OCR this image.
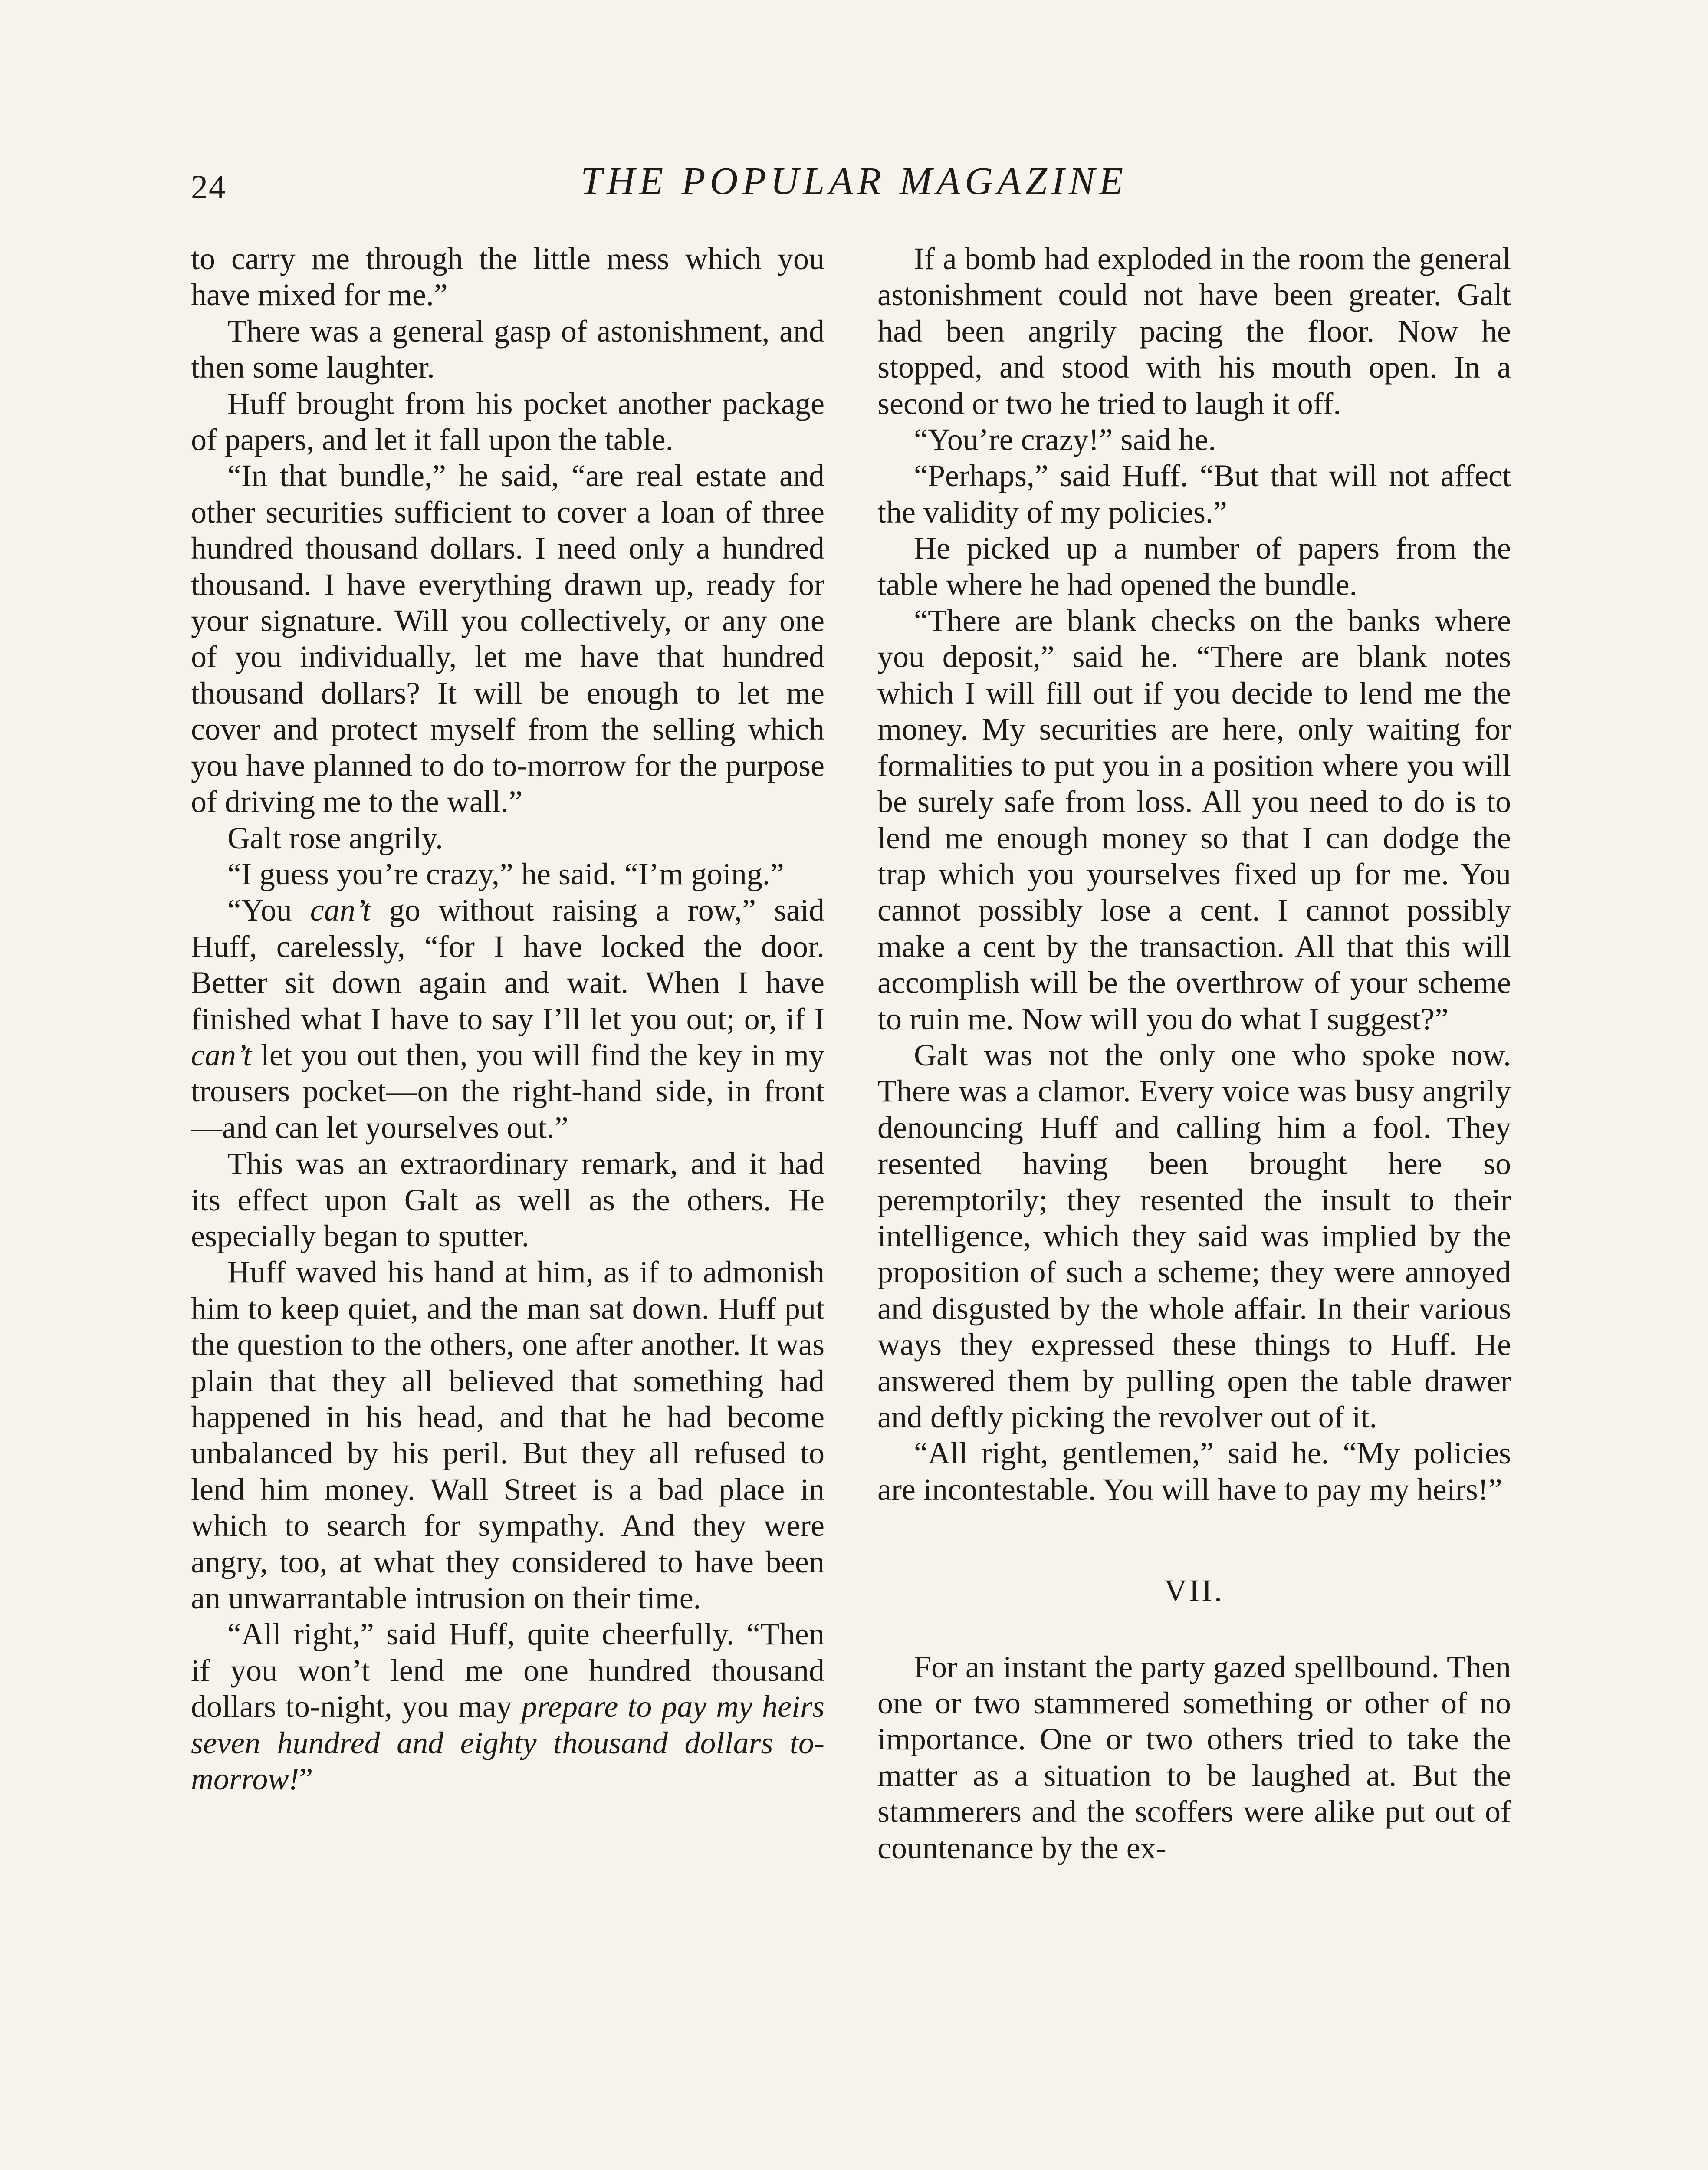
24	THE POPULAR MAGAZINE

to carry me through the little mess which you have mixed for me.”

There was a general gasp of astonishment, and then some laughter.

Huff brought from his pocket another package of papers, and let it fall upon the table.

“In that bundle,” he said, “are real estate and other securities sufficient to cover a loan of three hundred thousand dollars. I need only a hundred thousand. I have everything drawn up, ready for your signature. Will you collectively, or any one of you individually, let me have that hundred thousand dollars? It will be enough to let me cover and protect myself from the selling which you have planned to do to-morrow for the purpose of driving me to the wall.”

Galt rose angrily.

“I guess you’re crazy,” he said. “I’m going.”

“You can’t go without raising a row,” said Huff, carelessly, “for I have locked the door. Better sit down again and wait. When I have finished what I have to say I’ll let you out; or, if I can’t let you out then, you will find the key in my trousers pocket—on the right-hand side, in front—and can let yourselves out.”

This was an extraordinary remark, and it had its effect upon Galt as well as the others. He especially began to sputter.

Huff waved his hand at him, as if to admonish him to keep quiet, and the man sat down. Huff put the question to the others, one after another. It was plain that they all believed that something had happened in his head, and that he had become unbalanced by his peril. But they all refused to lend him money. Wall Street is a bad place in which to search for sympathy. And they were angry, too, at what they considered to have been an unwarrantable intrusion on their time.

“All right,” said Huff, quite cheerfully. “Then if you won’t lend me one hundred thousand dollars to-night, you may prepare to pay my heirs seven hundred and eighty thousand dollars to-morrow!”

If a bomb had exploded in the room the general astonishment could not have been greater. Galt had been angrily pacing the floor. Now he stopped, and stood with his mouth open. In a second or two he tried to laugh it off.

“You’re crazy!” said he.

“Perhaps,” said Huff. “But that will not affect the validity of my policies.”

He picked up a number of papers from the table where he had opened the bundle.

“There are blank checks on the banks where you deposit,” said he. “There are blank notes which I will fill out if you decide to lend me the money. My securities are here, only waiting for formalities to put you in a position where you will be surely safe from loss. All you need to do is to lend me enough money so that I can dodge the trap which you yourselves fixed up for me. You cannot possibly lose a cent. I cannot possibly make a cent by the transaction. All that this will accomplish will be the overthrow of your scheme to ruin me. Now will you do what I suggest?”

Galt was not the only one who spoke now. There was a clamor. Every voice was busy angrily denouncing Huff and calling him a fool. They resented having been brought here so peremptorily; they resented the insult to their intelligence, which they said was implied by the proposition of such a scheme; they were annoyed and disgusted by the whole affair. In their various ways they expressed these things to Huff. He answered them by pulling open the table drawer and deftly picking the revolver out of it.

“All right, gentlemen,” said he. “My policies are incontestable. You will have to pay my heirs!”

VII.

For an instant the party gazed spellbound. Then one or two stammered something or other of no importance. One or two others tried to take the matter as a situation to be laughed at. But the stammerers and the scoffers were alike put out of countenance by the ex-
